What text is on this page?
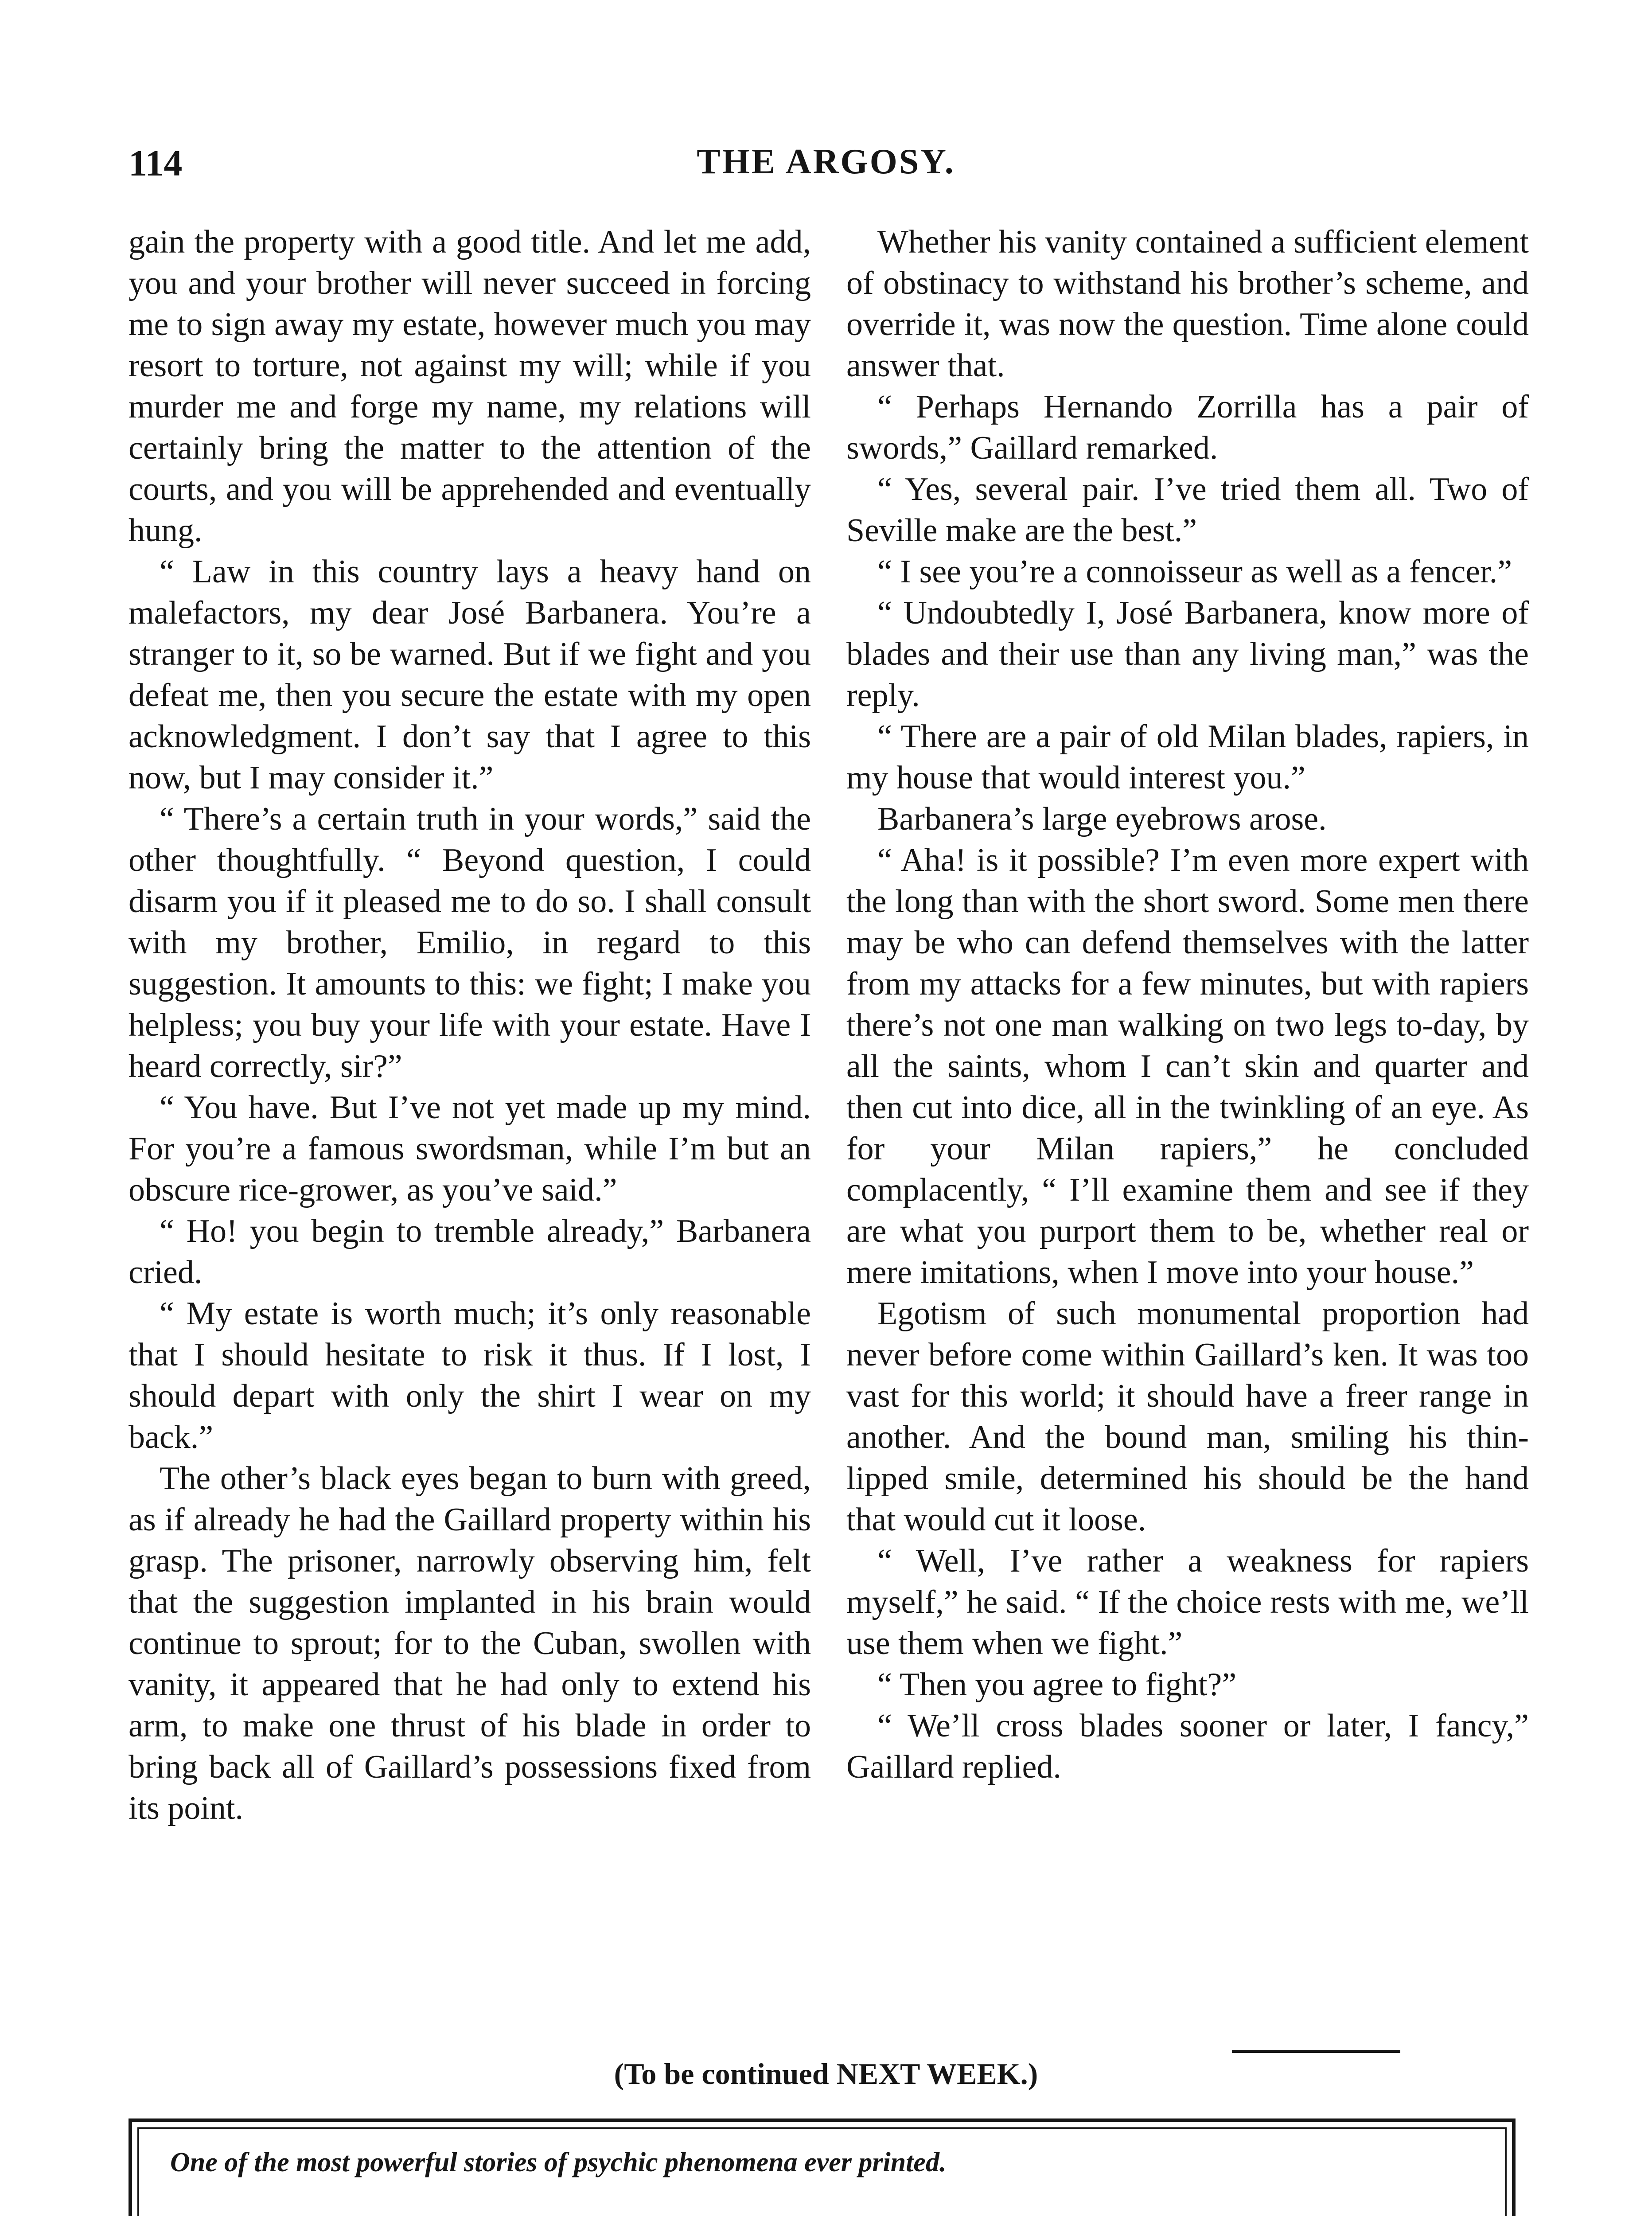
114	THE ARGOSY.

gain the property with a good title. And let me add, you and your brother will never succeed in forcing me to sign away my estate, however much you may resort to torture, not against my will; while if you murder me and forge my name, my relations will certainly bring the matter to the attention of the courts, and you will be apprehended and eventually hung.

“ Law in this country lays a heavy hand on malefactors, my dear José Barbanera. You’re a stranger to it, so be warned. But if we fight and you defeat me, then you secure the estate with my open acknowledgment. I don’t say that I agree to this now, but I may consider it.”

“ There’s a certain truth in your words,” said the other thoughtfully. “ Beyond question, I could disarm you if it pleased me to do so. I shall consult with my brother, Emilio, in regard to this suggestion. It amounts to this: we fight; I make you helpless; you buy your life with your estate. Have I heard correctly, sir?”

“ You have. But I’ve not yet made up my mind. For you’re a famous swordsman, while I’m but an obscure rice-grower, as you’ve said.”

“ Ho! you begin to tremble already,” Barbanera cried.

“ My estate is worth much; it’s only reasonable that I should hesitate to risk it thus. If I lost, I should depart with only the shirt I wear on my back.”

The other’s black eyes began to burn with greed, as if already he had the Gaillard property within his grasp. The prisoner, narrowly observing him, felt that the suggestion implanted in his brain would continue to sprout; for to the Cuban, swollen with vanity, it appeared that he had only to extend his arm, to make one thrust of his blade in order to bring back all of Gaillard’s possessions fixed from its point.

Whether his vanity contained a sufficient element of obstinacy to withstand his brother’s scheme, and override it, was now the question. Time alone could answer that.

“ Perhaps Hernando Zorrilla has a pair of swords,” Gaillard remarked.

“ Yes, several pair. I’ve tried them all. Two of Seville make are the best.”

“ I see you’re a connoisseur as well as a fencer.”

“ Undoubtedly I, José Barbanera, know more of blades and their use than any living man,” was the reply.

“ There are a pair of old Milan blades, rapiers, in my house that would interest you.”

Barbanera’s large eyebrows arose.

“ Aha! is it possible? I’m even more expert with the long than with the short sword. Some men there may be who can defend themselves with the latter from my attacks for a few minutes, but with rapiers there’s not one man walking on two legs to-day, by all the saints, whom I can’t skin and quarter and then cut into dice, all in the twinkling of an eye. As for your Milan rapiers,” he concluded complacently, “ I’ll examine them and see if they are what you purport them to be, whether real or mere imitations, when I move into your house.”

Egotism of such monumental proportion had never before come within Gaillard’s ken. It was too vast for this world; it should have a freer range in another. And the bound man, smiling his thin-lipped smile, determined his should be the hand that would cut it loose.

“ Well, I’ve rather a weakness for rapiers myself,” he said. “ If the choice rests with me, we’ll use them when we fight.”

“ Then you agree to fight?”

“ We’ll cross blades sooner or later, I fancy,” Gaillard replied.

(To be continued NEXT WEEK.)
One of the most powerful stories of psychic phenomena ever printed.
